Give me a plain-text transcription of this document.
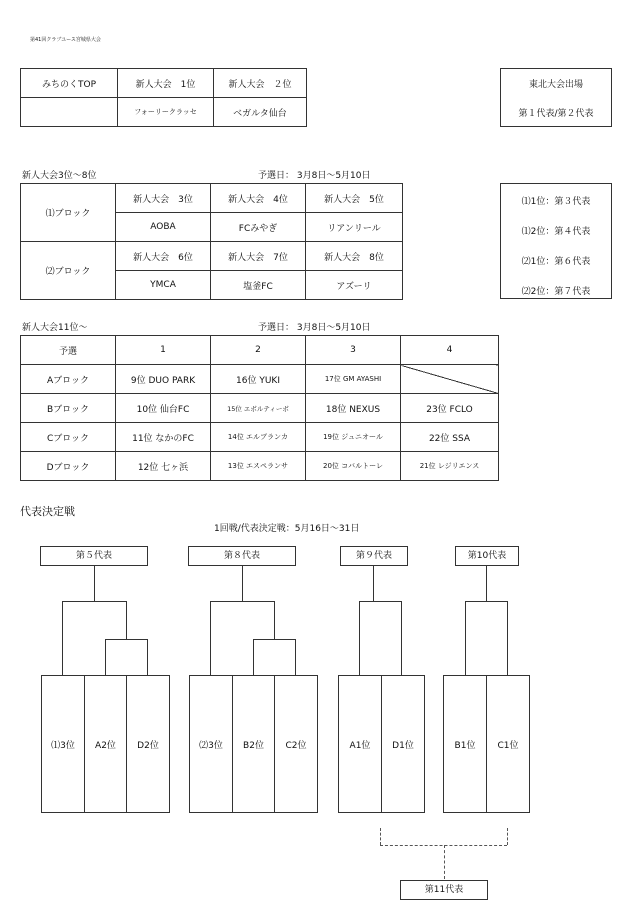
第41回クラブユース宮城県大会
みちのくTOP	新人大会　1位	新人大会　２位
	フォーリークラッセ	ベガルタ仙台
東北大会出場
第１代表/第２代表
新人大会3位～8位	予選日： 3月8日～5月10日
⑴ブロック	新人大会　3位	新人大会　4位	新人大会　5位
	AOBA	FCみやぎ	リアンリール
⑵ブロック	新人大会　6位	新人大会　7位	新人大会　8位
	YMCA	塩釜FC	アズーリ
⑴1位：第３代表
⑴2位：第４代表
⑵1位：第６代表
⑵2位：第７代表
新人大会11位～	予選日： 3月8日～5月10日
予選	1	2	3	4
Aブロック	9位 DUO PARK	16位 YUKI	17位 GM AYASHI	
Bブロック	10位 仙台FC	15位 エボルティーボ	18位 NEXUS	23位 FCLO
Cブロック	11位 なかのFC	14位 エルブランカ	19位 ジュニオール	22位 SSA
Dブロック	12位 七ヶ浜	13位 エスペランサ	20位 コバルトーレ	21位 レジリエンス
代表決定戦
1回戦/代表決定戦：5月16日～31日
第５代表	第８代表	第９代表	第10代表
⑴3位	A2位	D2位	⑵3位	B2位	C2位	A1位	D1位	B1位	C1位
第11代表
